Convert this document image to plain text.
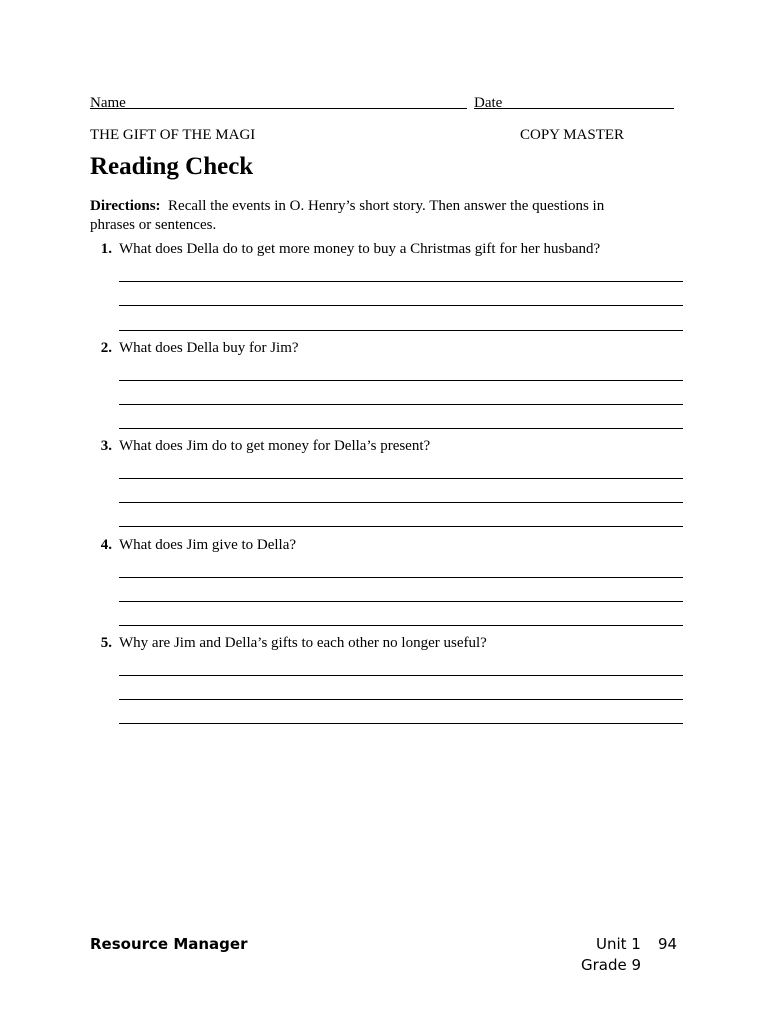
Name	Date
THE GIFT OF THE MAGI	COPY MASTER
Reading Check
Directions: Recall the events in O. Henry’s short story. Then answer the questions in phrases or sentences.
1. What does Della do to get more money to buy a Christmas gift for her husband?
2. What does Della buy for Jim?
3. What does Jim do to get money for Della’s present?
4. What does Jim give to Della?
5. Why are Jim and Della’s gifts to each other no longer useful?
Resource Manager	Unit 1 94
Grade 9
